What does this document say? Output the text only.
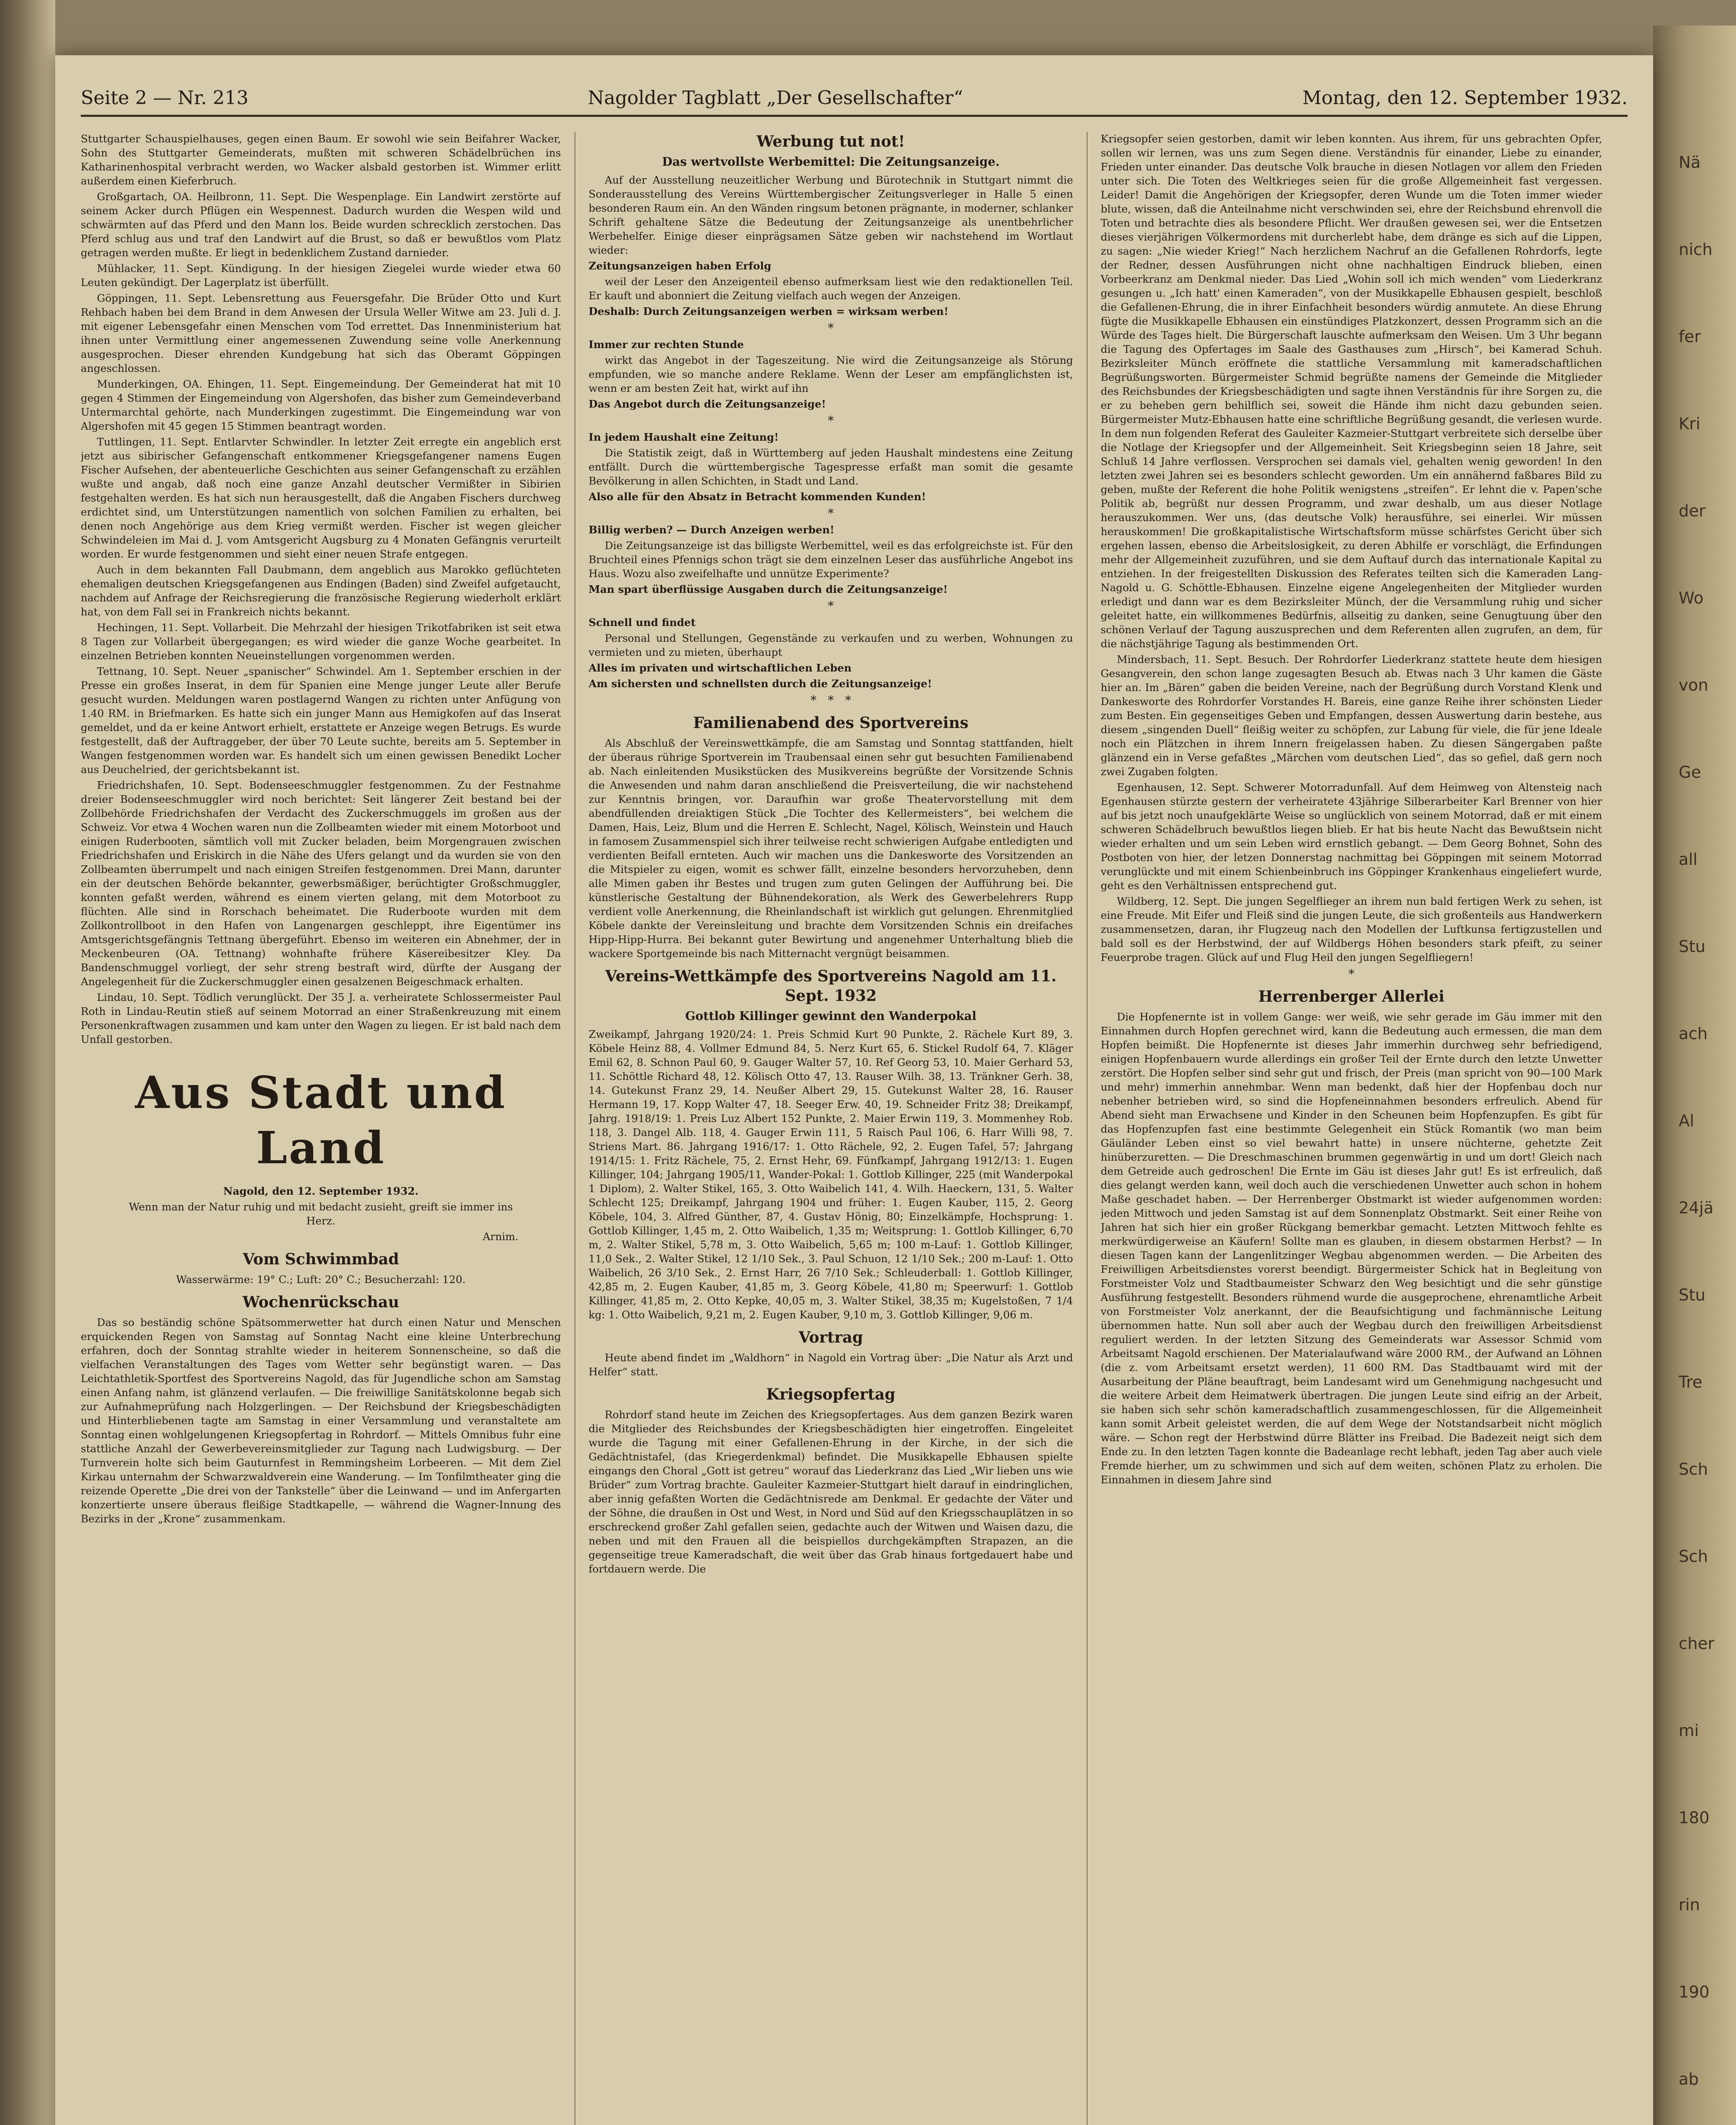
Nä
nich
fer
Kri
der
Wo
von
Ge
all
Stu
ach
Al
24jä
Stu
Tre
Sch
Sch
cher
mi
180
rin
190
ab
Seite 2 — Nr. 213	Nagolder Tagblatt „Der Gesellschafter“	Montag, den 12. September 1932.

Stuttgarter Schauspielhauses, gegen einen Baum. Er sowohl wie sein Beifahrer Wacker, Sohn des Stuttgarter Gemeinderats, mußten mit schweren Schädelbrüchen ins Katharinenhospital verbracht werden, wo Wacker alsbald gestorben ist. Wimmer erlitt außerdem einen Kieferbruch.

Großgartach, OA. Heilbronn, 11. Sept. Die Wespenplage. Ein Landwirt zerstörte auf seinem Acker durch Pflügen ein Wespennest. Dadurch wurden die Wespen wild und schwärmten auf das Pferd und den Mann los. Beide wurden schrecklich zerstochen. Das Pferd schlug aus und traf den Landwirt auf die Brust, so daß er bewußtlos vom Platz getragen werden mußte. Er liegt in bedenklichem Zustand darnieder.

Mühlacker, 11. Sept. Kündigung. In der hiesigen Ziegelei wurde wieder etwa 60 Leuten gekündigt. Der Lagerplatz ist überfüllt.

Göppingen, 11. Sept. Lebensrettung aus Feuersgefahr. Die Brüder Otto und Kurt Rehbach haben bei dem Brand in dem Anwesen der Ursula Weller Witwe am 23. Juli d. J. mit eigener Lebensgefahr einen Menschen vom Tod errettet. Das Innenministerium hat ihnen unter Vermittlung einer angemessenen Zuwendung seine volle Anerkennung ausgesprochen. Dieser ehrenden Kundgebung hat sich das Oberamt Göppingen angeschlossen.

Munderkingen, OA. Ehingen, 11. Sept. Eingemeindung. Der Gemeinderat hat mit 10 gegen 4 Stimmen der Eingemeindung von Algershofen, das bisher zum Gemeindeverband Untermarchtal gehörte, nach Munderkingen zugestimmt. Die Eingemeindung war von Algershofen mit 45 gegen 15 Stimmen beantragt worden.

Tuttlingen, 11. Sept. Entlarvter Schwindler. In letzter Zeit erregte ein angeblich erst jetzt aus sibirischer Gefangenschaft entkommener Kriegsgefangener namens Eugen Fischer Aufsehen, der abenteuerliche Geschichten aus seiner Gefangenschaft zu erzählen wußte und angab, daß noch eine ganze Anzahl deutscher Vermißter in Sibirien festgehalten werden. Es hat sich nun herausgestellt, daß die Angaben Fischers durchweg erdichtet sind, um Unterstützungen namentlich von solchen Familien zu erhalten, bei denen noch Angehörige aus dem Krieg vermißt werden. Fischer ist wegen gleicher Schwindeleien im Mai d. J. vom Amtsgericht Augsburg zu 4 Monaten Gefängnis verurteilt worden. Er wurde festgenommen und sieht einer neuen Strafe entgegen.

Auch in dem bekannten Fall Daubmann, dem angeblich aus Marokko geflüchteten ehemaligen deutschen Kriegsgefangenen aus Endingen (Baden) sind Zweifel aufgetaucht, nachdem auf Anfrage der Reichsregierung die französische Regierung wiederholt erklärt hat, von dem Fall sei in Frankreich nichts bekannt.

Hechingen, 11. Sept. Vollarbeit. Die Mehrzahl der hiesigen Trikotfabriken ist seit etwa 8 Tagen zur Vollarbeit übergegangen; es wird wieder die ganze Woche gearbeitet. In einzelnen Betrieben konnten Neueinstellungen vorgenommen werden.

Tettnang, 10. Sept. Neuer „spanischer“ Schwindel. Am 1. September erschien in der Presse ein großes Inserat, in dem für Spanien eine Menge junger Leute aller Berufe gesucht wurden. Meldungen waren postlagernd Wangen zu richten unter Anfügung von 1.40 RM. in Briefmarken. Es hatte sich ein junger Mann aus Hemigkofen auf das Inserat gemeldet, und da er keine Antwort erhielt, erstattete er Anzeige wegen Betrugs. Es wurde festgestellt, daß der Auftraggeber, der über 70 Leute suchte, bereits am 5. September in Wangen festgenommen worden war. Es handelt sich um einen gewissen Benedikt Locher aus Deuchelried, der gerichtsbekannt ist.

Friedrichshafen, 10. Sept. Bodenseeschmuggler festgenommen. Zu der Festnahme dreier Bodenseeschmuggler wird noch berichtet: Seit längerer Zeit bestand bei der Zollbehörde Friedrichshafen der Verdacht des Zuckerschmuggels im großen aus der Schweiz. Vor etwa 4 Wochen waren nun die Zollbeamten wieder mit einem Motorboot und einigen Ruderbooten, sämtlich voll mit Zucker beladen, beim Morgengrauen zwischen Friedrichshafen und Eriskirch in die Nähe des Ufers gelangt und da wurden sie von den Zollbeamten überrumpelt und nach einigen Streifen festgenommen. Drei Mann, darunter ein der deutschen Behörde bekannter, gewerbsmäßiger, berüchtigter Großschmuggler, konnten gefaßt werden, während es einem vierten gelang, mit dem Motorboot zu flüchten. Alle sind in Rorschach beheimatet. Die Ruderboote wurden mit dem Zollkontrollboot in den Hafen von Langenargen geschleppt, ihre Eigentümer ins Amtsgerichtsgefängnis Tettnang übergeführt. Ebenso im weiteren ein Abnehmer, der in Meckenbeuren (OA. Tettnang) wohnhafte frühere Käsereibesitzer Kley. Da Bandenschmuggel vorliegt, der sehr streng bestraft wird, dürfte der Ausgang der Angelegenheit für die Zuckerschmuggler einen gesalzenen Beigeschmack erhalten.

Lindau, 10. Sept. Tödlich verunglückt. Der 35 J. a. verheiratete Schlossermeister Paul Roth in Lindau-Reutin stieß auf seinem Motorrad an einer Straßenkreuzung mit einem Personenkraftwagen zusammen und kam unter den Wagen zu liegen. Er ist bald nach dem Unfall gestorben.

Aus Stadt und Land

Nagold, den 12. September 1932.

Wenn man der Natur ruhig und mit bedacht zusieht, greift sie immer ins Herz.

Arnim.

Vom Schwimmbad

Wasserwärme: 19° C.; Luft: 20° C.; Besucherzahl: 120.

Wochenrückschau

Das so beständig schöne Spätsommerwetter hat durch einen Natur und Menschen erquickenden Regen von Samstag auf Sonntag Nacht eine kleine Unterbrechung erfahren, doch der Sonntag strahlte wieder in heiterem Sonnenscheine, so daß die vielfachen Veranstaltungen des Tages vom Wetter sehr begünstigt waren. — Das Leichtathletik-Sportfest des Sportvereins Nagold, das für Jugendliche schon am Samstag einen Anfang nahm, ist glänzend verlaufen. — Die freiwillige Sanitätskolonne begab sich zur Aufnahmeprüfung nach Holzgerlingen. — Der Reichsbund der Kriegsbeschädigten und Hinterbliebenen tagte am Samstag in einer Versammlung und veranstaltete am Sonntag einen wohlgelungenen Kriegsopfertag in Rohrdorf. — Mittels Omnibus fuhr eine stattliche Anzahl der Gewerbevereinsmitglieder zur Tagung nach Ludwigsburg. — Der Turnverein holte sich beim Gauturnfest in Remmingsheim Lorbeeren. — Mit dem Ziel Kirkau unternahm der Schwarzwaldverein eine Wanderung. — Im Tonfilmtheater ging die reizende Operette „Die drei von der Tankstelle“ über die Leinwand — und im Anfergarten konzertierte unsere überaus fleißige Stadtkapelle, — während die Wagner-Innung des Bezirks in der „Krone“ zusammenkam.

Werbung tut not!
Das wertvollste Werbemittel: Die Zeitungsanzeige.

Auf der Ausstellung neuzeitlicher Werbung und Bürotechnik in Stuttgart nimmt die Sonderausstellung des Vereins Württembergischer Zeitungsverleger in Halle 5 einen besonderen Raum ein. An den Wänden ringsum betonen prägnante, in moderner, schlanker Schrift gehaltene Sätze die Bedeutung der Zeitungsanzeige als unentbehrlicher Werbehelfer. Einige dieser einprägsamen Sätze geben wir nachstehend im Wortlaut wieder:

Zeitungsanzeigen haben Erfolg

weil der Leser den Anzeigenteil ebenso aufmerksam liest wie den redaktionellen Teil. Er kauft und abonniert die Zeitung vielfach auch wegen der Anzeigen.

Deshalb: Durch Zeitungsanzeigen werben = wirksam werben!

*

Immer zur rechten Stunde

wirkt das Angebot in der Tageszeitung. Nie wird die Zeitungsanzeige als Störung empfunden, wie so manche andere Reklame. Wenn der Leser am empfänglichsten ist, wenn er am besten Zeit hat, wirkt auf ihn

Das Angebot durch die Zeitungsanzeige!

*

In jedem Haushalt eine Zeitung!

Die Statistik zeigt, daß in Württemberg auf jeden Haushalt mindestens eine Zeitung entfällt. Durch die württembergische Tagespresse erfaßt man somit die gesamte Bevölkerung in allen Schichten, in Stadt und Land.

Also alle für den Absatz in Betracht kommenden Kunden!

*

Billig werben? — Durch Anzeigen werben!

Die Zeitungsanzeige ist das billigste Werbemittel, weil es das erfolgreichste ist. Für den Bruchteil eines Pfennigs schon trägt sie dem einzelnen Leser das ausführliche Angebot ins Haus. Wozu also zweifelhafte und unnütze Experimente?

Man spart überflüssige Ausgaben durch die Zeitungsanzeige!

*

Schnell und findet

Personal und Stellungen, Gegenstände zu verkaufen und zu werben, Wohnungen zu vermieten und zu mieten, überhaupt

Alles im privaten und wirtschaftlichen Leben

Am sichersten und schnellsten durch die Zeitungsanzeige!

*   *   *
Familienabend des Sportvereins

Als Abschluß der Vereinswettkämpfe, die am Samstag und Sonntag stattfanden, hielt der überaus rührige Sportverein im Traubensaal einen sehr gut besuchten Familienabend ab. Nach einleitenden Musikstücken des Musikvereins begrüßte der Vorsitzende Schnis die Anwesenden und nahm daran anschließend die Preisverteilung, die wir nachstehend zur Kenntnis bringen, vor. Daraufhin war große Theatervorstellung mit dem abendfüllenden dreiaktigen Stück „Die Tochter des Kellermeisters“, bei welchem die Damen, Hais, Leiz, Blum und die Herren E. Schlecht, Nagel, Kölisch, Weinstein und Hauch in famosem Zusammenspiel sich ihrer teilweise recht schwierigen Aufgabe entledigten und verdienten Beifall ernteten. Auch wir machen uns die Dankesworte des Vorsitzenden an die Mitspieler zu eigen, womit es schwer fällt, einzelne besonders hervorzuheben, denn alle Mimen gaben ihr Bestes und trugen zum guten Gelingen der Aufführung bei. Die künstlerische Gestaltung der Bühnendekoration, als Werk des Gewerbelehrers Rupp verdient volle Anerkennung, die Rheinlandschaft ist wirklich gut gelungen. Ehrenmitglied Köbele dankte der Vereinsleitung und brachte dem Vorsitzenden Schnis ein dreifaches Hipp-Hipp-Hurra. Bei bekannt guter Bewirtung und angenehmer Unterhaltung blieb die wackere Sportgemeinde bis nach Mitternacht vergnügt beisammen.

Vereins-Wettkämpfe des Sportvereins Nagold am 11. Sept. 1932
Gottlob Killinger gewinnt den Wanderpokal

Zweikampf, Jahrgang 1920/24: 1. Preis Schmid Kurt 90 Punkte, 2. Rächele Kurt 89, 3. Köbele Heinz 88, 4. Vollmer Edmund 84, 5. Nerz Kurt 65, 6. Stickel Rudolf 64, 7. Kläger Emil 62, 8. Schnon Paul 60, 9. Gauger Walter 57, 10. Ref Georg 53, 10. Maier Gerhard 53, 11. Schöttle Richard 48, 12. Kölisch Otto 47, 13. Rauser Wilh. 38, 13. Tränkner Gerh. 38, 14. Gutekunst Franz 29, 14. Neußer Albert 29, 15. Gutekunst Walter 28, 16. Rauser Hermann 19, 17. Kopp Walter 47, 18. Seeger Erw. 40, 19. Schneider Fritz 38; Dreikampf, Jahrg. 1918/19: 1. Preis Luz Albert 152 Punkte, 2. Maier Erwin 119, 3. Mommenhey Rob. 118, 3. Dangel Alb. 118, 4. Gauger Erwin 111, 5 Raisch Paul 106, 6. Harr Willi 98, 7. Striens Mart. 86. Jahrgang 1916/17: 1. Otto Rächele, 92, 2. Eugen Tafel, 57; Jahrgang 1914/15: 1. Fritz Rächele, 75, 2. Ernst Hehr, 69. Fünfkampf, Jahrgang 1912/13: 1. Eugen Killinger, 104; Jahrgang 1905/11, Wander-Pokal: 1. Gottlob Killinger, 225 (mit Wanderpokal 1 Diplom), 2. Walter Stikel, 165, 3. Otto Waibelich 141, 4. Wilh. Haeckern, 131, 5. Walter Schlecht 125; Dreikampf, Jahrgang 1904 und früher: 1. Eugen Kauber, 115, 2. Georg Köbele, 104, 3. Alfred Günther, 87, 4. Gustav Hönig, 80; Einzelkämpfe, Hochsprung: 1. Gottlob Killinger, 1,45 m, 2. Otto Waibelich, 1,35 m; Weitsprung: 1. Gottlob Killinger, 6,70 m, 2. Walter Stikel, 5,78 m, 3. Otto Waibelich, 5,65 m; 100 m-Lauf: 1. Gottlob Killinger, 11,0 Sek., 2. Walter Stikel, 12 1/10 Sek., 3. Paul Schuon, 12 1/10 Sek.; 200 m-Lauf: 1. Otto Waibelich, 26 3/10 Sek., 2. Ernst Harr, 26 7/10 Sek.; Schleuderball: 1. Gottlob Killinger, 42,85 m, 2. Eugen Kauber, 41,85 m, 3. Georg Köbele, 41,80 m; Speerwurf: 1. Gottlob Killinger, 41,85 m, 2. Otto Kepke, 40,05 m, 3. Walter Stikel, 38,35 m; Kugelstoßen, 7 1/4 kg: 1. Otto Waibelich, 9,21 m, 2. Eugen Kauber, 9,10 m, 3. Gottlob Killinger, 9,06 m.

Vortrag

Heute abend findet im „Waldhorn“ in Nagold ein Vortrag über: „Die Natur als Arzt und Helfer“ statt.

Kriegsopfertag

Rohrdorf stand heute im Zeichen des Kriegsopfertages. Aus dem ganzen Bezirk waren die Mitglieder des Reichsbundes der Kriegsbeschädigten hier eingetroffen. Eingeleitet wurde die Tagung mit einer Gefallenen-Ehrung in der Kirche, in der sich die Gedächtnistafel, (das Kriegerdenkmal) befindet. Die Musikkapelle Ebhausen spielte eingangs den Choral „Gott ist getreu“ worauf das Liederkranz das Lied „Wir lieben uns wie Brüder“ zum Vortrag brachte. Gauleiter Kazmeier-Stuttgart hielt darauf in eindringlichen, aber innig gefaßten Worten die Gedächtnisrede am Denkmal. Er gedachte der Väter und der Söhne, die draußen in Ost und West, in Nord und Süd auf den Kriegsschauplätzen in so erschreckend großer Zahl gefallen seien, gedachte auch der Witwen und Waisen dazu, die neben und mit den Frauen all die beispiellos durchgekämpften Strapazen, an die gegenseitige treue Kameradschaft, die weit über das Grab hinaus fortgedauert habe und fortdauern werde. Die

Kriegsopfer seien gestorben, damit wir leben konnten. Aus ihrem, für uns gebrachten Opfer, sollen wir lernen, was uns zum Segen diene. Verständnis für einander, Liebe zu einander, Frieden unter einander. Das deutsche Volk brauche in diesen Notlagen vor allem den Frieden unter sich. Die Toten des Weltkrieges seien für die große Allgemeinheit fast vergessen. Leider! Damit die Angehörigen der Kriegsopfer, deren Wunde um die Toten immer wieder blute, wissen, daß die Anteilnahme nicht verschwinden sei, ehre der Reichsbund ehrenvoll die Toten und betrachte dies als besondere Pflicht. Wer draußen gewesen sei, wer die Entsetzen dieses vierjährigen Völkermordens mit durcherlebt habe, dem dränge es sich auf die Lippen, zu sagen: „Nie wieder Krieg!“ Nach herzlichem Nachruf an die Gefallenen Rohrdorfs, legte der Redner, dessen Ausführungen nicht ohne nachhaltigen Eindruck blieben, einen Vorbeerkranz am Denkmal nieder. Das Lied „Wohin soll ich mich wenden“ vom Liederkranz gesungen u. „Ich hatt' einen Kameraden“, von der Musikkapelle Ebhausen gespielt, beschloß die Gefallenen-Ehrung, die in ihrer Einfachheit besonders würdig anmutete. An diese Ehrung fügte die Musikkapelle Ebhausen ein einstündiges Platzkonzert, dessen Programm sich an die Würde des Tages hielt. Die Bürgerschaft lauschte aufmerksam den Weisen. Um 3 Uhr begann die Tagung des Opfertages im Saale des Gasthauses zum „Hirsch“, bei Kamerad Schuh. Bezirksleiter Münch eröffnete die stattliche Versammlung mit kameradschaftlichen Begrüßungsworten. Bürgermeister Schmid begrüßte namens der Gemeinde die Mitglieder des Reichsbundes der Kriegsbeschädigten und sagte ihnen Verständnis für ihre Sorgen zu, die er zu beheben gern behilflich sei, soweit die Hände ihm nicht dazu gebunden seien. Bürgermeister Mutz-Ebhausen hatte eine schriftliche Begrüßung gesandt, die verlesen wurde. In dem nun folgenden Referat des Gauleiter Kazmeier-Stuttgart verbreitete sich derselbe über die Notlage der Kriegsopfer und der Allgemeinheit. Seit Kriegsbeginn seien 18 Jahre, seit Schluß 14 Jahre verflossen. Versprochen sei damals viel, gehalten wenig geworden! In den letzten zwei Jahren sei es besonders schlecht geworden. Um ein annähernd faßbares Bild zu geben, mußte der Referent die hohe Politik wenigstens „streifen“. Er lehnt die v. Papen'sche Politik ab, begrüßt nur dessen Programm, und zwar deshalb, um aus dieser Notlage herauszukommen. Wer uns, (das deutsche Volk) herausführe, sei einerlei. Wir müssen herauskommen! Die großkapitalistische Wirtschaftsform müsse schärfstes Gericht über sich ergehen lassen, ebenso die Arbeitslosigkeit, zu deren Abhilfe er vorschlägt, die Erfindungen mehr der Allgemeinheit zuzuführen, und sie dem Auftauf durch das internationale Kapital zu entziehen. In der freigestellten Diskussion des Referates teilten sich die Kameraden Lang-Nagold u. G. Schöttle-Ebhausen. Einzelne eigene Angelegenheiten der Mitglieder wurden erledigt und dann war es dem Bezirksleiter Münch, der die Versammlung ruhig und sicher geleitet hatte, ein willkommenes Bedürfnis, allseitig zu danken, seine Genugtuung über den schönen Verlauf der Tagung auszusprechen und dem Referenten allen zugrufen, an dem, für die nächstjährige Tagung als bestimmenden Ort.

Mindersbach, 11. Sept. Besuch. Der Rohrdorfer Liederkranz stattete heute dem hiesigen Gesangverein, den schon lange zugesagten Besuch ab. Etwas nach 3 Uhr kamen die Gäste hier an. Im „Bären“ gaben die beiden Vereine, nach der Begrüßung durch Vorstand Klenk und Dankesworte des Rohrdorfer Vorstandes H. Bareis, eine ganze Reihe ihrer schönsten Lieder zum Besten. Ein gegenseitiges Geben und Empfangen, dessen Auswertung darin bestehe, aus diesem „singenden Duell“ fleißig weiter zu schöpfen, zur Labung für viele, die für jene Ideale noch ein Plätzchen in ihrem Innern freigelassen haben. Zu diesen Sängergaben paßte glänzend ein in Verse gefaßtes „Märchen vom deutschen Lied“, das so gefiel, daß gern noch zwei Zugaben folgten.

Egenhausen, 12. Sept. Schwerer Motorradunfall. Auf dem Heimweg von Altensteig nach Egenhausen stürzte gestern der verheiratete 43jährige Silberarbeiter Karl Brenner von hier auf bis jetzt noch unaufgeklärte Weise so unglücklich von seinem Motorrad, daß er mit einem schweren Schädelbruch bewußtlos liegen blieb. Er hat bis heute Nacht das Bewußtsein nicht wieder erhalten und um sein Leben wird ernstlich gebangt. — Dem Georg Bohnet, Sohn des Postboten von hier, der letzen Donnerstag nachmittag bei Göppingen mit seinem Motorrad verunglückte und mit einem Schienbeinbruch ins Göppinger Krankenhaus eingeliefert wurde, geht es den Verhältnissen entsprechend gut.

Wildberg, 12. Sept. Die jungen Segelflieger an ihrem nun bald fertigen Werk zu sehen, ist eine Freude. Mit Eifer und Fleiß sind die jungen Leute, die sich großenteils aus Handwerkern zusammensetzen, daran, ihr Flugzeug nach den Modellen der Luftkunsa fertigzustellen und bald soll es der Herbstwind, der auf Wildbergs Höhen besonders stark pfeift, zu seiner Feuerprobe tragen. Glück auf und Flug Heil den jungen Segelfliegern!

*
Herrenberger Allerlei

Die Hopfenernte ist in vollem Gange: wer weiß, wie sehr gerade im Gäu immer mit den Einnahmen durch Hopfen gerechnet wird, kann die Bedeutung auch ermessen, die man dem Hopfen beimißt. Die Hopfenernte ist dieses Jahr immerhin durchweg sehr befriedigend, einigen Hopfenbauern wurde allerdings ein großer Teil der Ernte durch den letzte Unwetter zerstört. Die Hopfen selber sind sehr gut und frisch, der Preis (man spricht von 90—100 Mark und mehr) immerhin annehmbar. Wenn man bedenkt, daß hier der Hopfenbau doch nur nebenher betrieben wird, so sind die Hopfeneinnahmen besonders erfreulich. Abend für Abend sieht man Erwachsene und Kinder in den Scheunen beim Hopfenzupfen. Es gibt für das Hopfenzupfen fast eine bestimmte Gelegenheit ein Stück Romantik (wo man beim Gäuländer Leben einst so viel bewahrt hatte) in unsere nüchterne, gehetzte Zeit hinüberzuretten. — Die Dreschmaschinen brummen gegenwärtig in und um dort! Gleich nach dem Getreide auch gedroschen! Die Ernte im Gäu ist dieses Jahr gut! Es ist erfreulich, daß dies gelangt werden kann, weil doch auch die verschiedenen Unwetter auch schon in hohem Maße geschadet haben. — Der Herrenberger Obstmarkt ist wieder aufgenommen worden: jeden Mittwoch und jeden Samstag ist auf dem Sonnenplatz Obstmarkt. Seit einer Reihe von Jahren hat sich hier ein großer Rückgang bemerkbar gemacht. Letzten Mittwoch fehlte es merkwürdigerweise an Käufern! Sollte man es glauben, in diesem obstarmen Herbst? — In diesen Tagen kann der Langenlitzinger Wegbau abgenommen werden. — Die Arbeiten des Freiwilligen Arbeitsdienstes vorerst beendigt. Bürgermeister Schick hat in Begleitung von Forstmeister Volz und Stadtbaumeister Schwarz den Weg besichtigt und die sehr günstige Ausführung festgestellt. Besonders rühmend wurde die ausgeprochene, ehrenamtliche Arbeit von Forstmeister Volz anerkannt, der die Beaufsichtigung und fachmännische Leitung übernommen hatte. Nun soll aber auch der Wegbau durch den freiwilligen Arbeitsdienst reguliert werden. In der letzten Sitzung des Gemeinderats war Assessor Schmid vom Arbeitsamt Nagold erschienen. Der Materialaufwand wäre 2000 RM., der Aufwand an Löhnen (die z. vom Arbeitsamt ersetzt werden), 11 600 RM. Das Stadtbauamt wird mit der Ausarbeitung der Pläne beauftragt, beim Landesamt wird um Genehmigung nachgesucht und die weitere Arbeit dem Heimatwerk übertragen. Die jungen Leute sind eifrig an der Arbeit, sie haben sich sehr schön kameradschaftlich zusammengeschlossen, für die Allgemeinheit kann somit Arbeit geleistet werden, die auf dem Wege der Notstandsarbeit nicht möglich wäre. — Schon regt der Herbstwind dürre Blätter ins Freibad. Die Badezeit neigt sich dem Ende zu. In den letzten Tagen konnte die Badeanlage recht lebhaft, jeden Tag aber auch viele Fremde hierher, um zu schwimmen und sich auf dem weiten, schönen Platz zu erholen. Die Einnahmen in diesem Jahre sind
